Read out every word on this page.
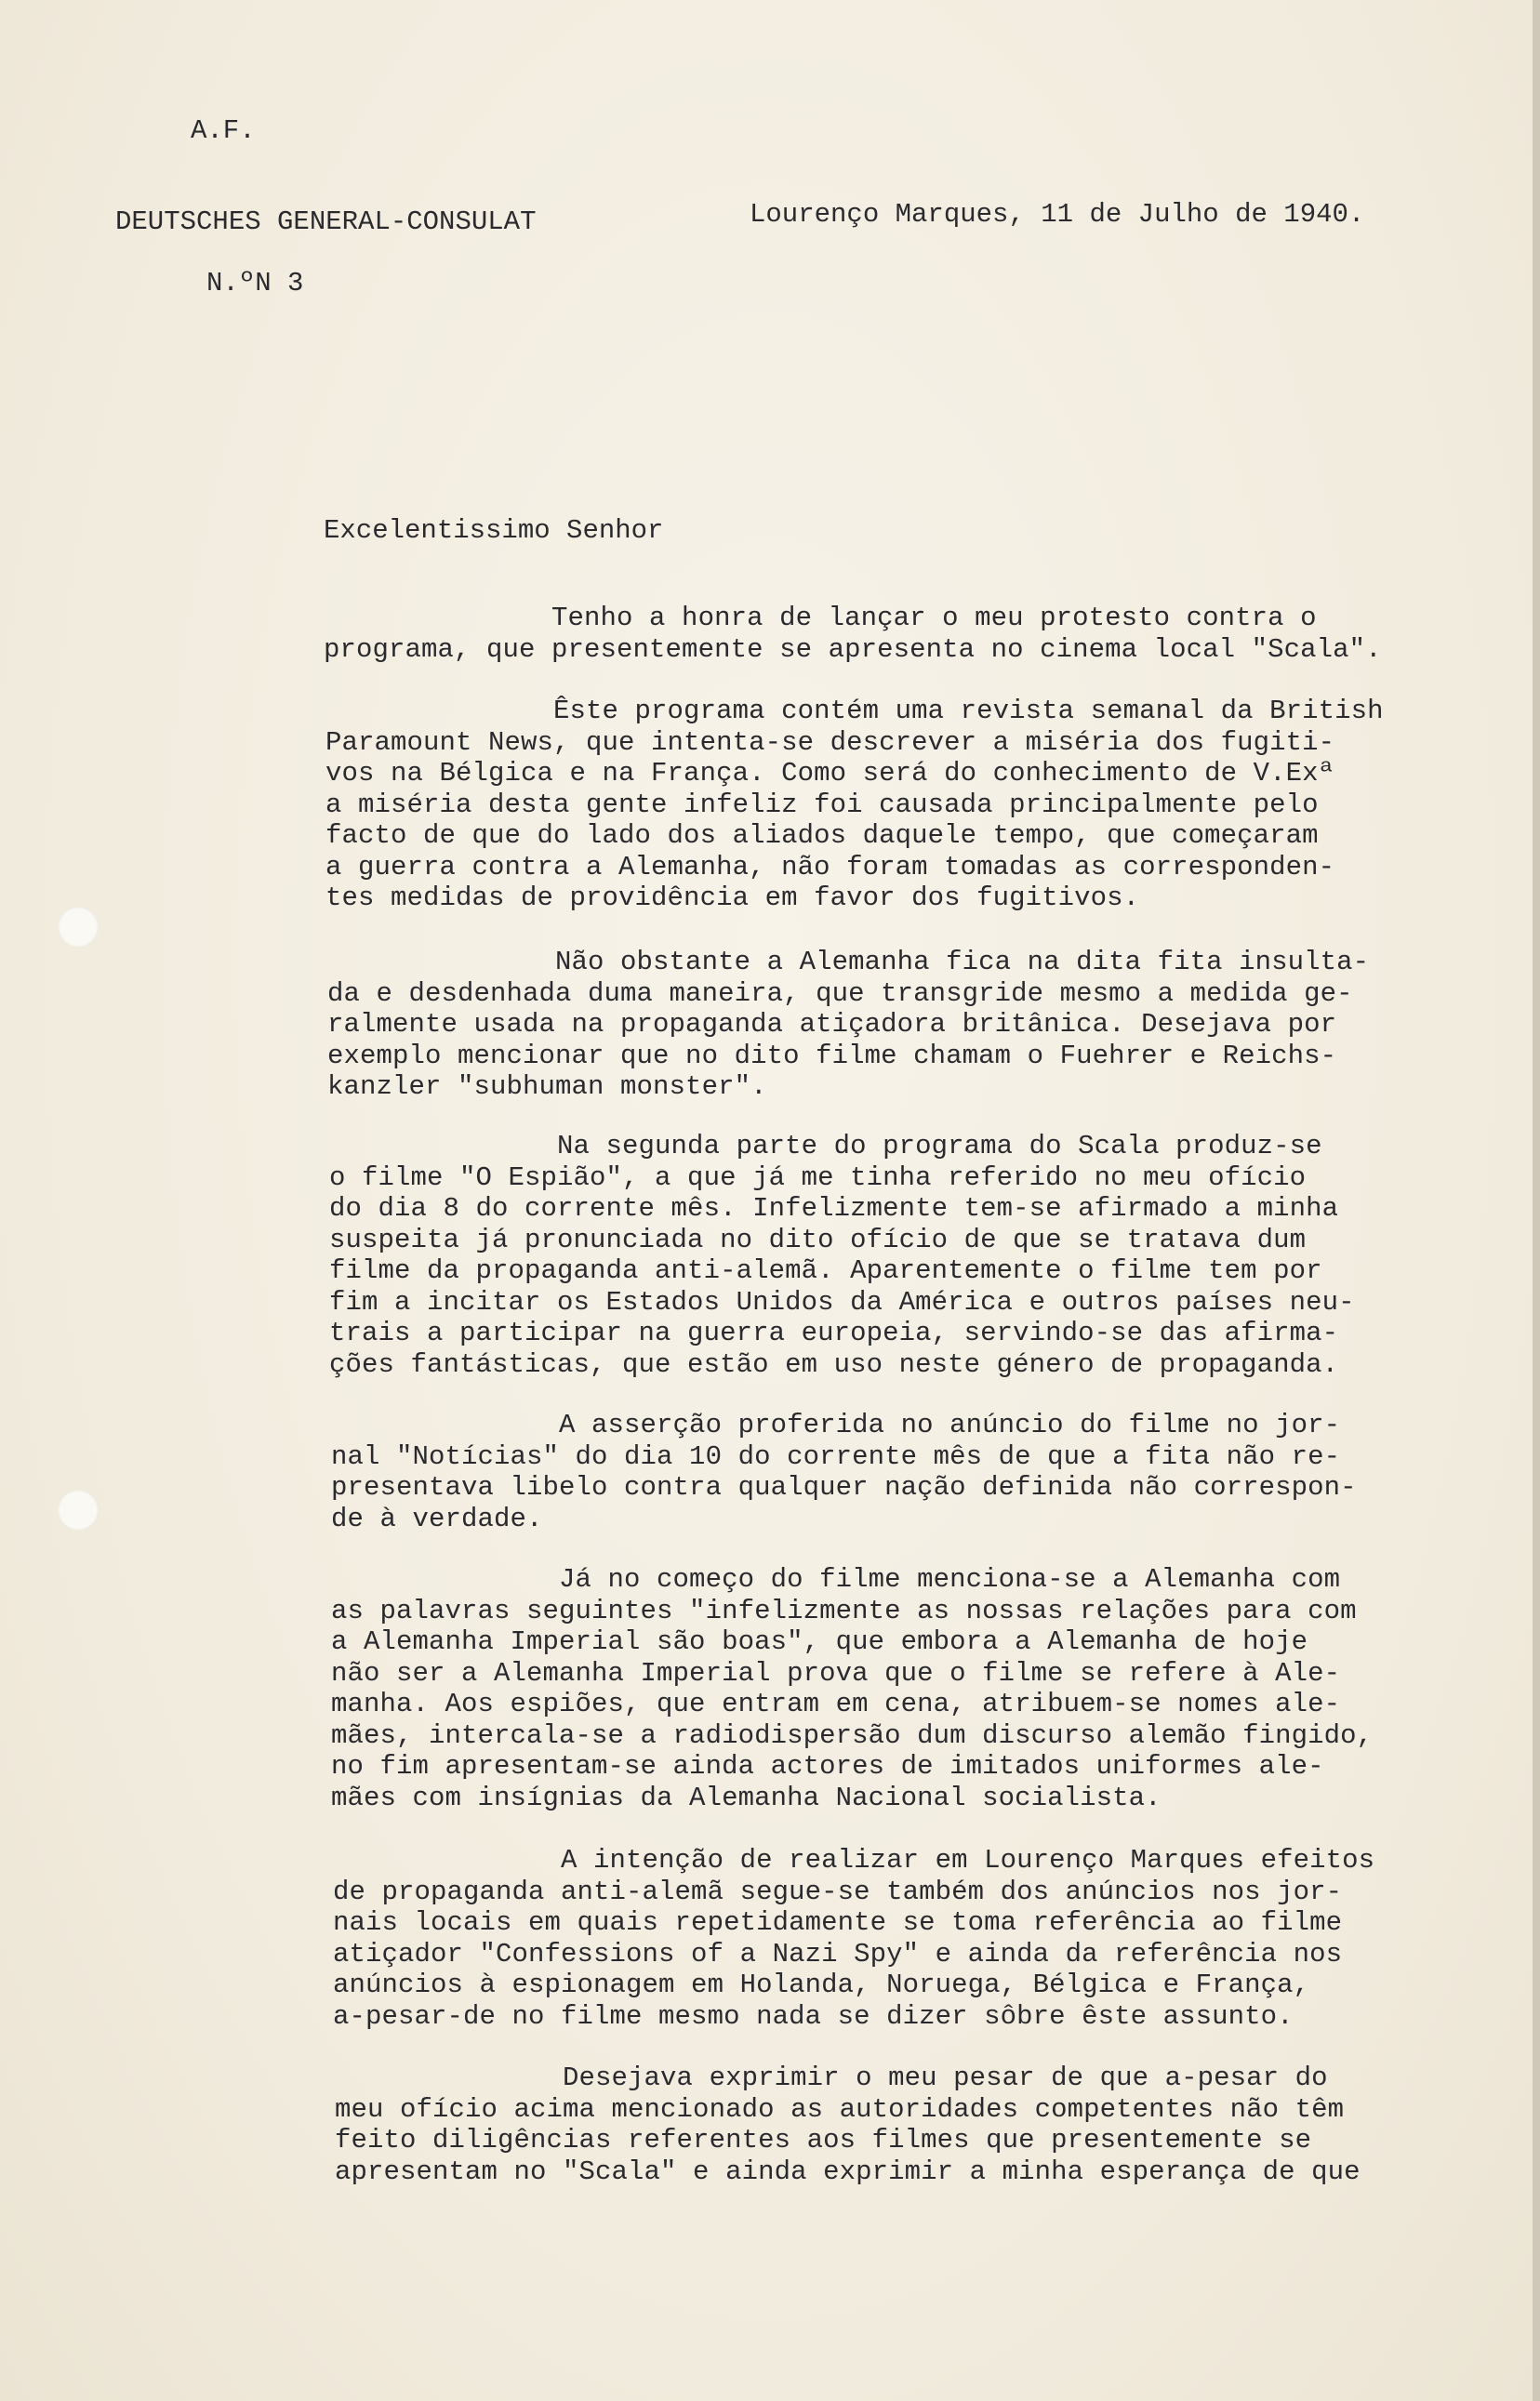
A.F.
DEUTSCHES GENERAL-CONSULAT	Lourenço Marques, 11 de Julho de 1940.
N.ºN 3
Excelentissimo Senhor

Tenho a honra de lançar o meu protesto contra o
programa, que presentemente se apresenta no cinema local "Scala".

Êste programa contém uma revista semanal da British
Paramount News, que intenta-se descrever a miséria dos fugiti-
vos na Bélgica e na França. Como será do conhecimento de V.Exª
a miséria desta gente infeliz foi causada principalmente pelo
facto de que do lado dos aliados daquele tempo, que começaram
a guerra contra a Alemanha, não foram tomadas as corresponden-
tes medidas de providência em favor dos fugitivos.

Não obstante a Alemanha fica na dita fita insulta-
da e desdenhada duma maneira, que transgride mesmo a medida ge-
ralmente usada na propaganda atiçadora britânica. Desejava por
exemplo mencionar que no dito filme chamam o Fuehrer e Reichs-
kanzler "subhuman monster".

Na segunda parte do programa do Scala produz-se
o filme "O Espião", a que já me tinha referido no meu ofício
do dia 8 do corrente mês. Infelizmente tem-se afirmado a minha
suspeita já pronunciada no dito ofício de que se tratava dum
filme da propaganda anti-alemã. Aparentemente o filme tem por
fim a incitar os Estados Unidos da América e outros países neu-
trais a participar na guerra europeia, servindo-se das afirma-
ções fantásticas, que estão em uso neste género de propaganda.

A asserção proferida no anúncio do filme no jor-
nal "Notícias" do dia 10 do corrente mês de que a fita não re-
presentava libelo contra qualquer nação definida não correspon-
de à verdade.

Já no começo do filme menciona-se a Alemanha com
as palavras seguintes "infelizmente as nossas relações para com
a Alemanha Imperial são boas", que embora a Alemanha de hoje
não ser a Alemanha Imperial prova que o filme se refere à Ale-
manha. Aos espiões, que entram em cena, atribuem-se nomes ale-
mães, intercala-se a radiodispersão dum discurso alemão fingido,
no fim apresentam-se ainda actores de imitados uniformes ale-
mães com insígnias da Alemanha Nacional socialista.

A intenção de realizar em Lourenço Marques efeitos
de propaganda anti-alemã segue-se também dos anúncios nos jor-
nais locais em quais repetidamente se toma referência ao filme
atiçador "Confessions of a Nazi Spy" e ainda da referência nos
anúncios à espionagem em Holanda, Noruega, Bélgica e França,
a-pesar-de no filme mesmo nada se dizer sôbre êste assunto.

Desejava exprimir o meu pesar de que a-pesar do
meu ofício acima mencionado as autoridades competentes não têm
feito diligências referentes aos filmes que presentemente se
apresentam no "Scala" e ainda exprimir a minha esperança de que
